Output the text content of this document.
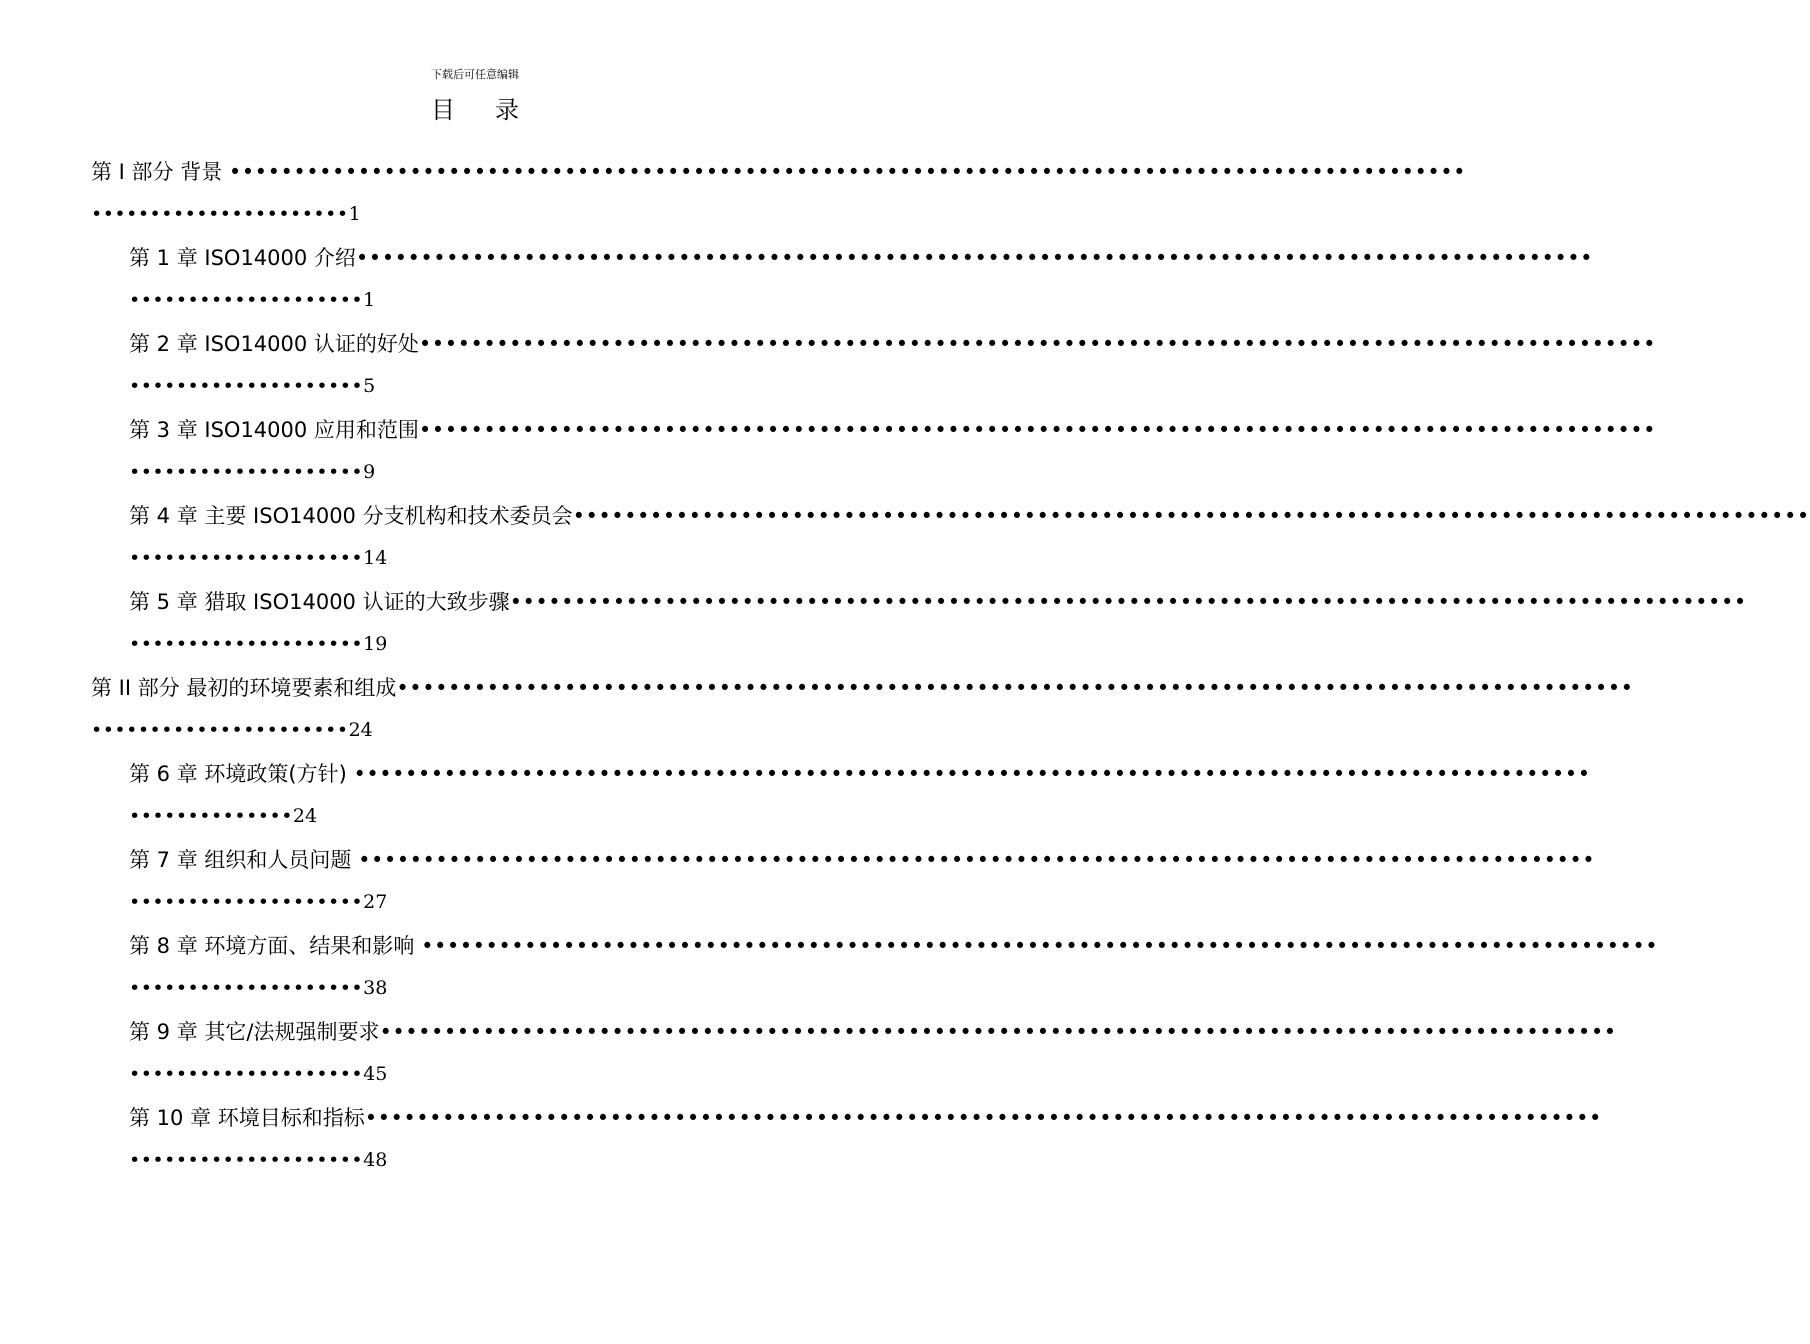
下载后可任意编辑
目录
第 I 部分 背景 ••••••••••••••••••••••••••••••••••••••••••••••••••••••••••••••••••••••••••••••••••••••••••••••••
••••••••••••••••••••••1
第 1 章 ISO14000 介绍••••••••••••••••••••••••••••••••••••••••••••••••••••••••••••••••••••••••••••••••••••••••••••••••
••••••••••••••••••••1
第 2 章 ISO14000 认证的好处••••••••••••••••••••••••••••••••••••••••••••••••••••••••••••••••••••••••••••••••••••••••••••••••
••••••••••••••••••••5
第 3 章 ISO14000 应用和范围••••••••••••••••••••••••••••••••••••••••••••••••••••••••••••••••••••••••••••••••••••••••••••••••
••••••••••••••••••••9
第 4 章 主要 ISO14000 分支机构和技术委员会••••••••••••••••••••••••••••••••••••••••••••••••••••••••••••••••••••••••••••••••••••••••••••••••
••••••••••••••••••••14
第 5 章 猎取 ISO14000 认证的大致步骤••••••••••••••••••••••••••••••••••••••••••••••••••••••••••••••••••••••••••••••••••••••••••••••••
••••••••••••••••••••19
第 II 部分 最初的环境要素和组成••••••••••••••••••••••••••••••••••••••••••••••••••••••••••••••••••••••••••••••••••••••••••••••••
••••••••••••••••••••••24
第 6 章 环境政策(方针) ••••••••••••••••••••••••••••••••••••••••••••••••••••••••••••••••••••••••••••••••••••••••••••••••
••••••••••••••24
第 7 章 组织和人员问题 ••••••••••••••••••••••••••••••••••••••••••••••••••••••••••••••••••••••••••••••••••••••••••••••••
••••••••••••••••••••27
第 8 章 环境方面、结果和影响 ••••••••••••••••••••••••••••••••••••••••••••••••••••••••••••••••••••••••••••••••••••••••••••••••
••••••••••••••••••••38
第 9 章 其它/法规强制要求••••••••••••••••••••••••••••••••••••••••••••••••••••••••••••••••••••••••••••••••••••••••••••••••
••••••••••••••••••••45
第 10 章 环境目标和指标••••••••••••••••••••••••••••••••••••••••••••••••••••••••••••••••••••••••••••••••••••••••••••••••
••••••••••••••••••••48
